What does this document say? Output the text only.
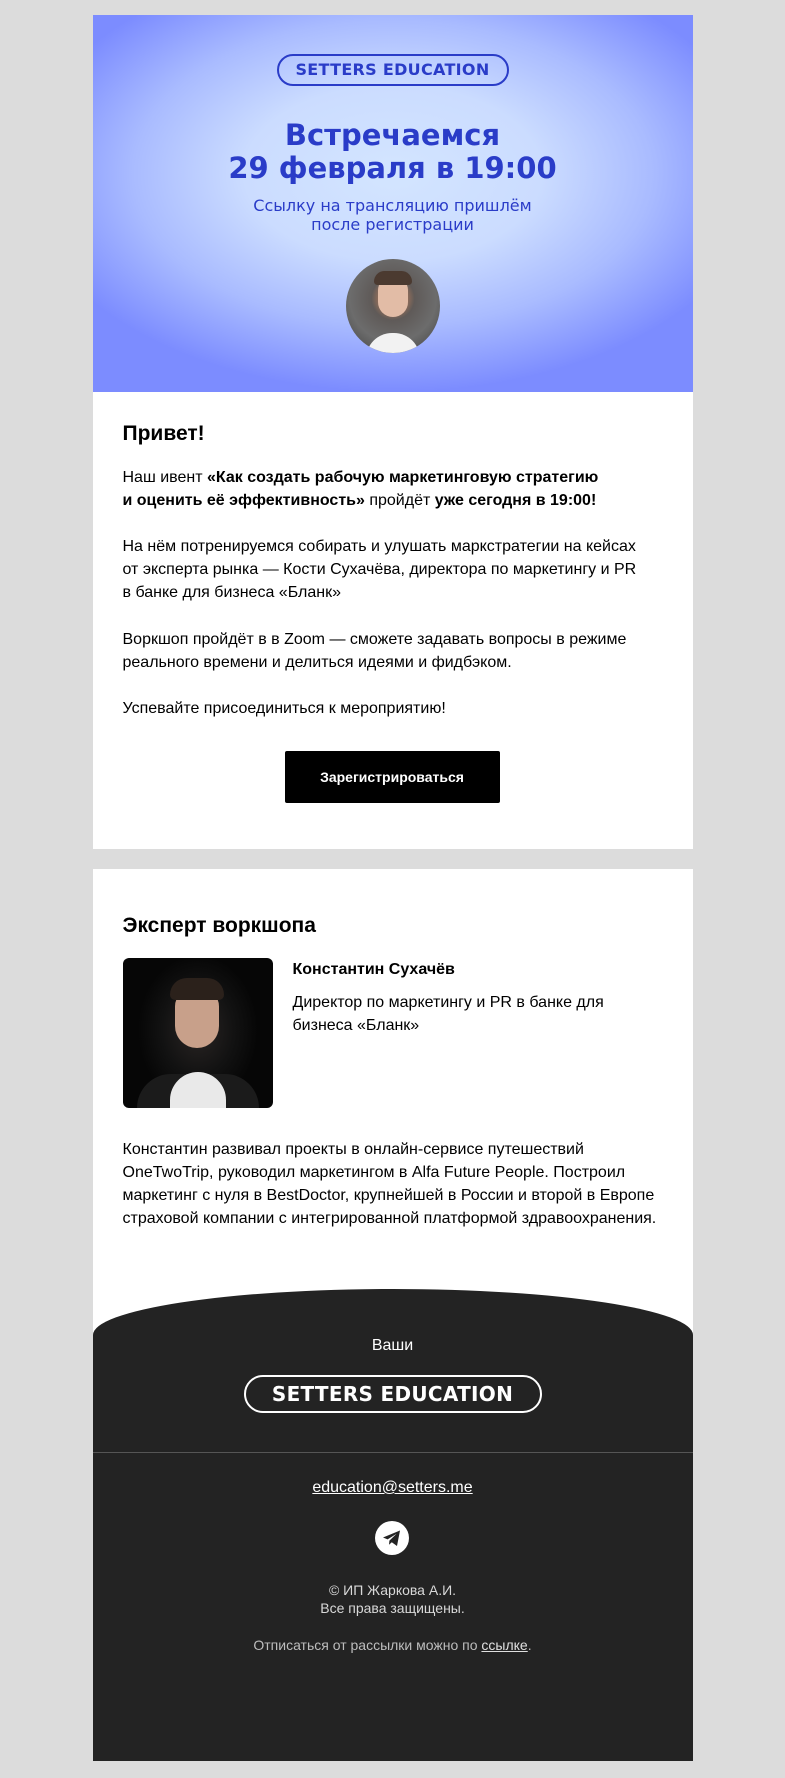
SETTERS EDUCATION
Встречаемся
29 февраля в 19:00
Ссылку на трансляцию пришлём
после регистрации
Привет!
Наш ивент «Как создать рабочую маркетинговую стратегию
и оценить её эффективность» пройдёт уже сегодня в 19:00!
На нём потренируемся собирать и улушать маркстратегии на кейсах
от эксперта рынка — Кости Сухачёва, директора по маркетингу и PR
в банке для бизнеса «Бланк»
Воркшоп пройдёт в в Zoom — сможете задавать вопросы в режиме
реального времени и делиться идеями и фидбэком.
Успевайте присоединиться к мероприятию!
Зарегистрироваться
Эксперт воркшопа
Константин Сухачёв
Директор по маркетингу и PR в банке для
бизнеса «Бланк»
Константин развивал проекты в онлайн-сервисе путешествий
OneTwoTrip, руководил маркетингом в Alfa Future People. Построил
маркетинг с нуля в BestDoctor, крупнейшей в России и второй в Европе
страховой компании с интегрированной платформой здравоохранения.
Ваши
SETTERS EDUCATION
education@setters.me
© ИП Жаркова А.И.
Все права защищены.
Отписаться от рассылки можно по ссылке.
